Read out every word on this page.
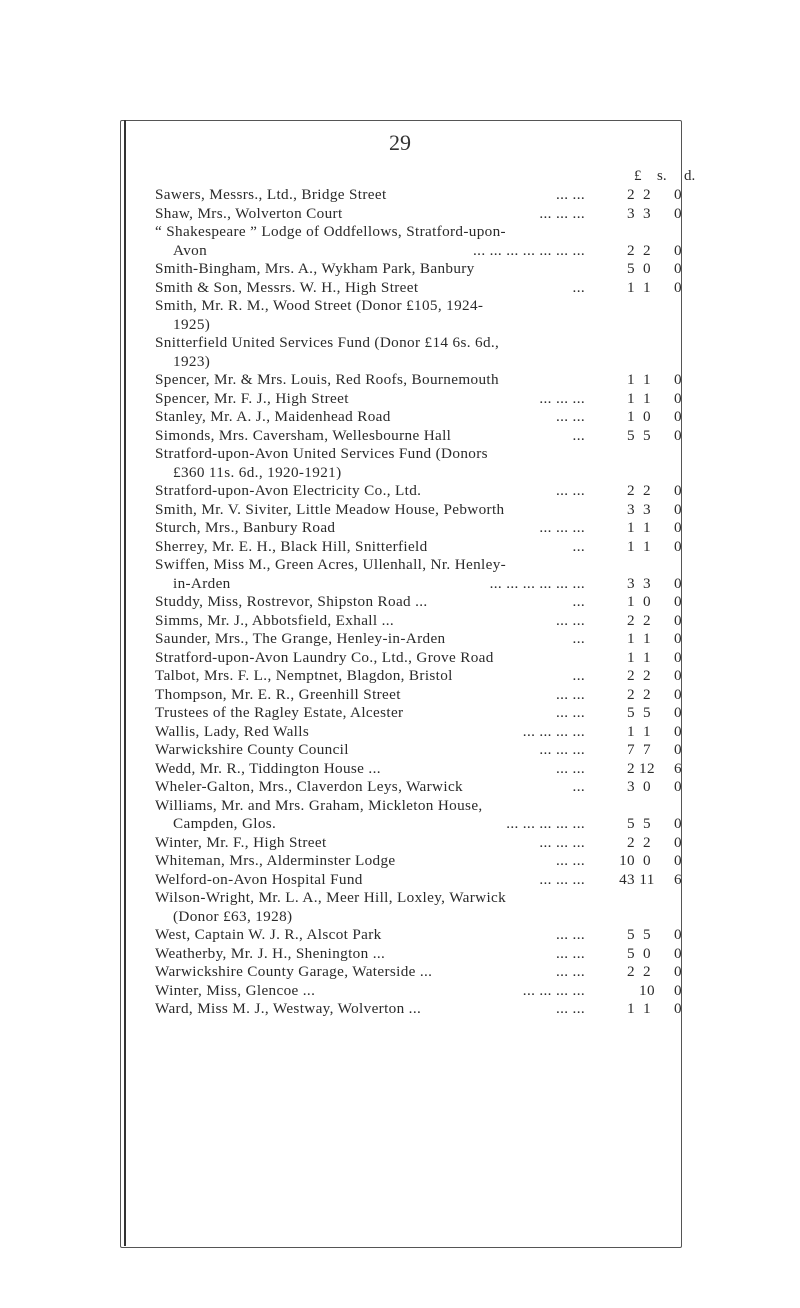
29
£ s. d.
Sawers, Messrs., Ltd., Bridge Street	... ...	2 2	0
Shaw, Mrs., Wolverton Court	... ... ...	3 3	0
“ Shakespeare ” Lodge of Oddfellows, Stratford-upon-
Avon	... ... ... ... ... ... ...	2 2	0
Smith-Bingham, Mrs. A., Wykham Park, Banbury	5 0	0
Smith & Son, Messrs. W. H., High Street	...	1 1	0
Smith, Mr. R. M., Wood Street (Donor £105, 1924-
1925)
Snitterfield United Services Fund (Donor £14 6s. 6d.,
1923)
Spencer, Mr. & Mrs. Louis, Red Roofs, Bournemouth	1 1	0
Spencer, Mr. F. J., High Street	... ... ...	1 1	0
Stanley, Mr. A. J., Maidenhead Road	... ...	1 0	0
Simonds, Mrs. Caversham, Wellesbourne Hall	...	5 5	0
Stratford-upon-Avon United Services Fund (Donors
£360 11s. 6d., 1920-1921)
Stratford-upon-Avon Electricity Co., Ltd.	... ...	2 2	0
Smith, Mr. V. Siviter, Little Meadow House, Pebworth	3 3	0
Sturch, Mrs., Banbury Road	... ... ...	1 1	0
Sherrey, Mr. E. H., Black Hill, Snitterfield	...	1 1	0
Swiffen, Miss M., Green Acres, Ullenhall, Nr. Henley-
in-Arden	... ... ... ... ... ...	3 3	0
Studdy, Miss, Rostrevor, Shipston Road ...	...	1 0	0
Simms, Mr. J., Abbotsfield, Exhall ...	... ...	2 2	0
Saunder, Mrs., The Grange, Henley-in-Arden	...	1 1	0
Stratford-upon-Avon Laundry Co., Ltd., Grove Road	1 1	0
Talbot, Mrs. F. L., Nemptnet, Blagdon, Bristol	...	2 2	0
Thompson, Mr. E. R., Greenhill Street	... ...	2 2	0
Trustees of the Ragley Estate, Alcester	... ...	5 5	0
Wallis, Lady, Red Walls	... ... ... ...	1 1	0
Warwickshire County Council	... ... ...	7 7	0
Wedd, Mr. R., Tiddington House ...	... ...	2 12	6
Wheler-Galton, Mrs., Claverdon Leys, Warwick	...	3 0	0
Williams, Mr. and Mrs. Graham, Mickleton House,
Campden, Glos.	... ... ... ... ...	5 5	0
Winter, Mr. F., High Street	... ... ...	2 2	0
Whiteman, Mrs., Alderminster Lodge	... ...	10 0	0
Welford-on-Avon Hospital Fund	... ... ...	43 11	6
Wilson-Wright, Mr. L. A., Meer Hill, Loxley, Warwick
(Donor £63, 1928)
West, Captain W. J. R., Alscot Park	... ...	5 5	0
Weatherby, Mr. J. H., Shenington ...	... ...	5 0	0
Warwickshire County Garage, Waterside ...	... ...	2 2	0
Winter, Miss, Glencoe ...	... ... ... ...	10	0
Ward, Miss M. J., Westway, Wolverton ...	... ...	1 1	0
